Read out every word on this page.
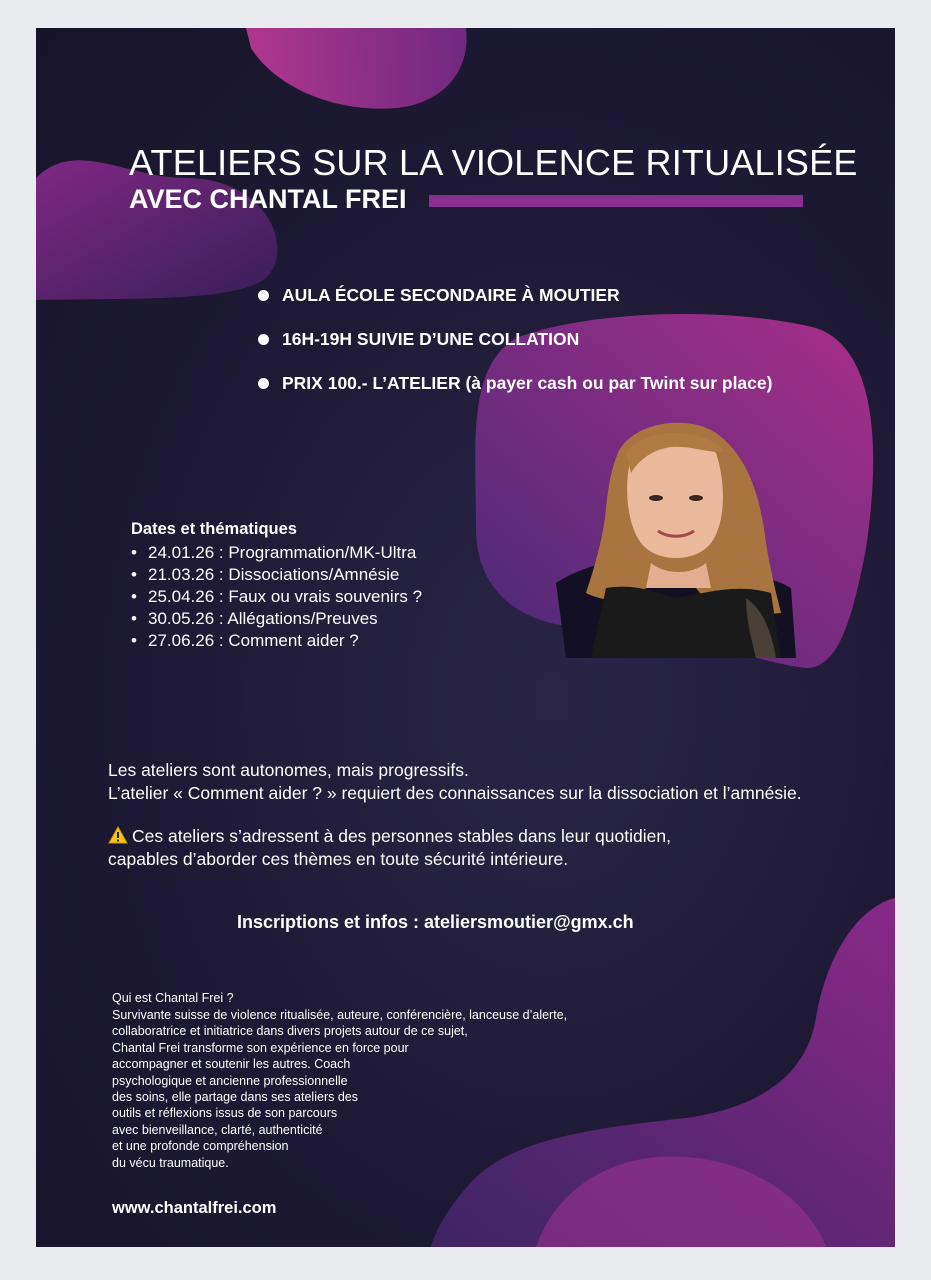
ATELIERS SUR LA VIOLENCE RITUALISÉE
AVEC CHANTAL FREI
AULA ÉCOLE SECONDAIRE À MOUTIER
16H-19H SUIVIE D’UNE COLLATION
PRIX 100.- L’ATELIER (à payer cash ou par Twint sur place)

Dates et thématiques

• 24.01.26 : Programmation/MK-Ultra
• 21.03.26 : Dissociations/Amnésie
• 25.04.26 : Faux ou vrais souvenirs ?
• 30.05.26 : Allégations/Preuves
• 27.06.26 : Comment aider ?

Les ateliers sont autonomes, mais progressifs.

L’atelier « Comment aider ? » requiert des connaissances sur la dissociation et l’amnésie.

Ces ateliers s’adressent à des personnes stables dans leur quotidien,

capables d’aborder ces thèmes en toute sécurité intérieure.

Inscriptions et infos : ateliersmoutier@gmx.ch

Qui est Chantal Frei ?

Survivante suisse de violence ritualisée, auteure, conférencière, lanceuse d’alerte,
collaboratrice et initiatrice dans divers projets autour de ce sujet,
Chantal Frei transforme son expérience en force pour
accompagner et soutenir les autres. Coach
psychologique et ancienne professionnelle
des soins, elle partage dans ses ateliers des
outils et réflexions issus de son parcours
avec bienveillance, clarté, authenticité
et une profonde compréhension
du vécu traumatique.

www.chantalfrei.com
